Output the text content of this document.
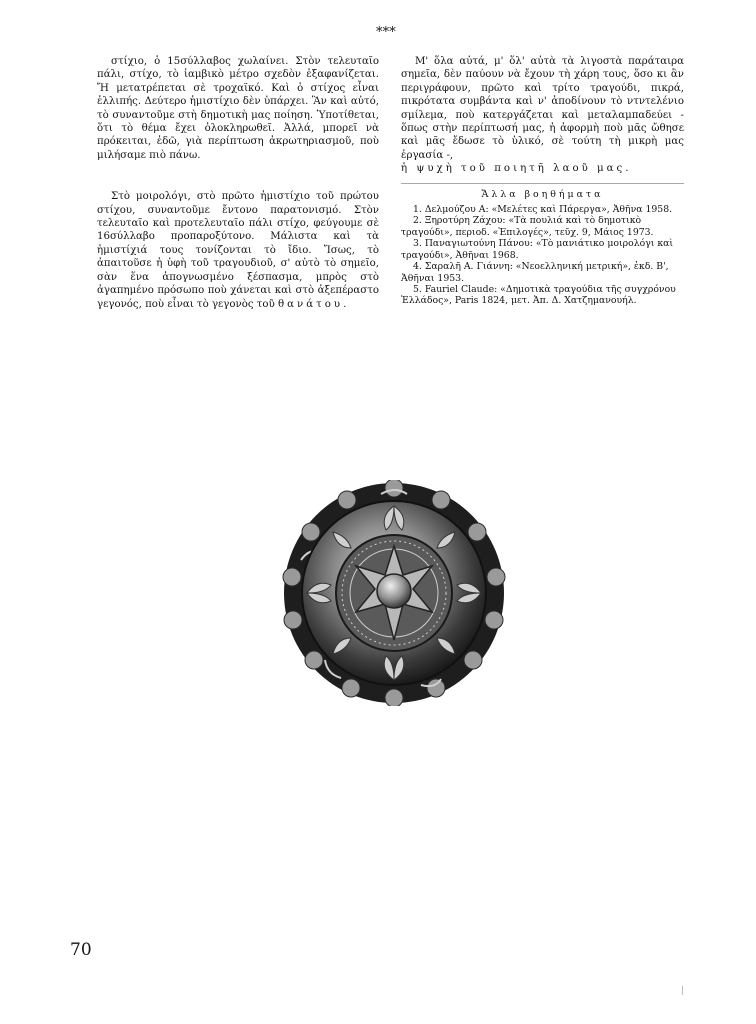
* * *

στίχιο, ὁ 15σύλλαβος χωλαίνει. Στὸν τελευταῖο πάλι, στίχο, τὸ ἰαμβικὸ μέτρο σχεδὸν ἐξαφανίζεται. Ἤ μετατρέπεται σὲ τροχαϊκό. Καὶ ὁ στίχος εἶναι ἐλλιπής. Δεύτερο ἡμιστίχιο δὲν ὑπάρχει. Ἂν καὶ αὐτό, τὸ συναντοῦμε στὴ δημοτικὴ μας ποίηση. Ὑποτίθεται, ὅτι τὸ θέμα ἔχει ὁλοκληρωθεῖ. Ἀλλά, μπορεῖ νὰ πρόκειται, ἐδῶ, γιὰ περίπτωση ἀκρωτηριασμοῦ, ποὺ μιλήσαμε πιὸ πάνω.

Στὸ μοιρολόγι, στὸ πρῶτο ἡμιστίχιο τοῦ πρώτου στίχου, συναντοῦμε ἔντονο παρατονισμό. Στὸν τελευταῖο καὶ προτελευταῖο πάλι στίχο, φεύγουμε σὲ 16σύλλαβο προπαροξύτονο. Μάλιστα καὶ τὰ ἡμιστίχιά τους τονίζονται τὸ ἴδιο. Ἴσως, τὸ ἀπαιτοῦσε ἡ ὑφὴ τοῦ τραγουδιοῦ, σ' αὐτὸ τὸ σημεῖο, σὰν ἕνα ἀπογνωσμένο ξέσπασμα, μπρὸς στὸ ἀγαπημένο πρόσωπο ποὺ χάνεται καὶ στὸ ἀξεπέραστο γεγονός, ποὺ εἶναι τὸ γεγονὸς τοῦ θανάτου.

Μ' ὅλα αὐτά, μ' ὅλ' αὐτὰ τὰ λιγοστὰ παράταιρα σημεῖα, δὲν παύουν νὰ ἔχουν τὴ χάρη τους, ὅσο κι ἂν περιγράφουν, πρῶτο καὶ τρίτο τραγούδι, πικρά, πικρότατα συμβάντα καὶ ν' ἀποδίνουν τὸ ντντελένιο σμίλεμα, ποὺ κατεργάζεται καὶ μεταλαμπαδεύει - ὅπως στὴν περίπτωσή μας, ἡ ἀφορμὴ ποὺ μᾶς ὤθησε καὶ μᾶς ἔδωσε τὸ ὑλικό, σὲ τούτη τὴ μικρὴ μας ἐργασία -,
ἡ ψυχὴ τοῦ ποιητῆ λαοῦ μας.

Ἄλλα βοηθήματα
1. Δελμούζου Α: «Μελέτες καὶ Πάρεργα», Ἀθῆνα 1958.
2. Ξηροτύρη Ζάχου: «Τὰ πουλιά καὶ τὸ δημοτικὸ τραγούδι», περιοδ. «Ἐπιλογές», τεῦχ. 9, Μάιος 1973.
3. Παναγιωτούνη Πάνου: «Τὸ μανιάτικο μοιρολόγι καὶ τραγούδι», Ἀθῆναι 1968.
4. Σαραλῆ Α. Γιάννη: «Νεοελληνική μετρική», ἐκδ. Β', Ἀθῆναι 1953.
5. Fauriel Claude: «Δημοτικὰ τραγούδια τῆς συγχρόνου Ἑλλάδος», Paris 1824, μετ. Ἀπ. Δ. Χατζημανουήλ.
70
